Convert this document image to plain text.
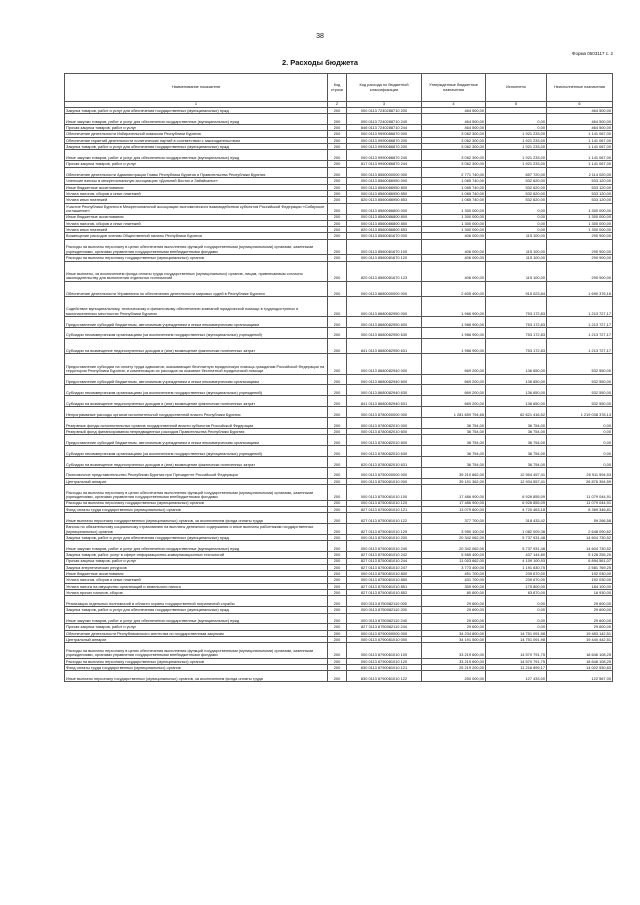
38
Форма 0503117 с. 2
2. Расходы бюджета
Наименование показателя	Код строки	Код расхода по бюджетной классификации	Утвержденные бюджетные назначения	Исполнено	Неисполненные назначения
1	2	3	4	5	6
Закупка товаров, работ и услуг для обеспечения государственных (муниципальных) нужд	200	000 0113 7240288710 200	464 500,00		464 500,00
Иные закупки товаров, работ и услуг для обеспечения государственных (муниципальных) нужд	200	000 0113 7240288710 240	464 500,00	0,00	464 500,00
Прочая закупка товаров, работ и услуг	200	846 0113 7240288710 244	464 500,00	0,00	464 500,00
Обеспечение деятельности Избирательной комиссии Республики Бурятия	200	000 0113 9990086870 000	3 062 300,00	1 921 233,00	1 141 067,00
Обеспечение гарантий деятельности политических партий в соответствии с законодательством	200	000 0113 9990086870 200	3 062 300,00	1 921 233,00	1 141 067,00
Закупка товаров, работ и услуг для обеспечения государственных (муниципальных) нужд	200	000 0113 9990086870 200	3 062 300,00	1 921 233,00	1 141 067,00
Иные закупки товаров, работ и услуг для обеспечения государственных (муниципальных) нужд	200	000 0113 9990086870 240	3 062 300,00	1 921 233,00	1 141 067,00
Прочая закупка товаров, работ и услуг	200	817 0113 9990086870 244	3 062 300,00	1 921 233,00	1 141 067,00
Обеспечение деятельности Администрации Главы Республики Бурятия и Правительства Республики Бурятия	200	000 0113 8560000000 000	2 771 740,00	657 720,00	2 114 020,00
Членские взносы в межрегиональную ассоциацию «Дальний Восток и Забайкалье»	200	000 0113 8560086950 000	1 065 740,00	532 620,00	533 120,00
Иные бюджетные ассигнования	200	000 0113 8560086950 800	1 065 740,00	532 620,00	533 120,00
Уплата налогов, сборов и иных платежей	200	000 0113 8560086950 850	1 065 740,00	532 620,00	533 120,00
Уплата иных платежей	200	820 0113 8560086950 853	1 065 740,00	532 620,00	533 120,00
Участие Республики Бурятия в Межрегиональной ассоциации экономического взаимодействия субъектов Российской Федерации «Сибирское соглашение»	200	000 0113 8560086800 000	1 300 000,00	0,00	1 300 000,00
Иные бюджетные ассигнования	200	000 0113 8560086800 800	1 300 000,00	0,00	1 300 000,00
Уплата налогов, сборов и иных платежей	200	000 0113 8560086800 850	1 300 000,00	0,00	1 300 000,00
Уплата иных платежей	200	820 0113 8560086800 853	1 300 000,00	0,00	1 300 000,00
Возмещение расходов членам Общественной палаты Республики Бурятия	200	000 0113 8560081670 000	406 000,00	115 100,00	290 900,00
Расходы на выплаты персоналу в целях обеспечения выполнения функций государственными (муниципальными) органами, казенными учреждениями, органами управления государственными внебюджетными фондами	200	000 0113 8560081670 100	406 000,00	115 100,00	290 900,00
Расходы на выплаты персоналу государственных (муниципальных) органов	200	000 0113 8560081670 120	406 000,00	115 100,00	290 900,00
Иные выплаты, за исключением фонда оплаты труда государственных (муниципальных) органов, лицам, привлекаемым согласно законодательству для выполнения отдельных полномочий	200	820 0113 8560081670 123	406 000,00	115 100,00	290 900,00
Обеспечение деятельности Управления по обеспечению деятельности мировых судей в Республике Бурятия	200	000 0113 8680000000 000	2 605 400,00	915 023,84	1 690 376,16
Содействие муниципальному, техническому и финансовому обеспечению компаний юридической помощи в труднодоступных и малонаселенных местностях Республики Бурятия	200	000 0113 8680082950 000	1 966 900,00	753 172,83	1 213 727,17
Предоставление субсидий бюджетным, автономным учреждениям и иным некоммерческим организациям	200	000 0113 8680082950 600	1 966 900,00	753 172,83	1 213 727,17
Субсидии некоммерческим организациям (за исключением государственных (муниципальных) учреждений)	200	000 0113 8680082950 630	1 966 900,00	753 172,83	1 213 727,17
Субсидии на возмещение недополученных доходов и (или) возмещение фактически понесенных затрат	200	841 0113 8680082950 631	1 966 900,00	753 172,83	1 213 727,17
Предоставление субсидии на оплату труда адвокатов, оказывающих бесплатную юридическую помощь гражданам Российской Федерации на территории Республики Бурятия, и компенсацию их расходов на оказание бесплатной юридической помощи	200	000 0113 8680082940 000	669 200,00	136 650,00	532 550,00
Предоставление субсидий бюджетным, автономным учреждениям и иным некоммерческим организациям	200	000 0113 8680082940 600	669 200,00	136 650,00	532 550,00
Субсидии некоммерческим организациям (за исключением государственных (муниципальных) учреждений)	200	000 0113 8680082940 630	669 200,00	136 650,00	532 550,00
Субсидии на возмещение недополученных доходов и (или) возмещение фактически понесенных затрат	200	841 0113 8680082940 631	669 200,00	136 650,00	532 550,00
Непрограммные расходы органов исполнительной государственной власти Республики Бурятия	200	000 0113 8780000000 000	1 281 659 794,65	62 621 416,52	1 219 038 378,13
Резервные фонды исполнительных органов государственной власти субъектов Российской Федерации	200	000 0113 8780082010 000	36 754,00	36 754,00	0,00
Резервный фонд финансирования непредвиденных расходов Правительства Республики Бурятия	200	000 0113 8780082010 600	36 754,00	36 754,00	0,00
Предоставление субсидий бюджетным, автономным учреждениям и иным некоммерческим организациям	200	000 0113 8780082010 600	36 754,00	36 754,00	0,00
Субсидии некоммерческим организациям (за исключением государственных (муниципальных) учреждений)	200	000 0113 8780082010 630	36 754,00	36 754,00	0,00
Субсидии на возмещение недополученных доходов и (или) возмещение фактически понесенных затрат	200	820 0113 8780082010 631	36 754,00	36 754,00	0,00
Полномочное представительство Республики Бурятия при Президенте Российской Федерации	200	000 0113 8750000000 000	39 210 862,00	12 954 457,41	26 911 594,53
Центральный аппарат	200	000 0113 8750081010 000	39 191 362,00	12 934 557,41	26 876 394,59
Расходы на выплаты персоналу в целях обеспечения выполнения функций государственными (муниципальными) органами, казенными учреждениями, органами управления государственными внебюджетными фондами	200	000 0113 8750081010 100	17 486 900,00	6 926 855,09	11 079 044,91
Расходы на выплаты персоналу государственных (муниципальных) органов	200	000 0113 8750081010 120	17 486 900,00	6 926 855,09	11 079 044,91
Фонд оплаты труда государственных (муниципальных) органов	200	827 0113 8750081010 121	13 079 800,00	4 720 463,18	8 369 346,81
Иные выплаты персоналу государственных (муниципальных) органов, за исключением фонда оплаты труда	200	827 0113 8750081010 122	377 700,00	318 433,42	59 266,58
Взносы по обязательному социальному страхованию на выплаты денежного содержания и иные выплаты работникам государственных (муниципальных) органов	200	827 0113 8750081010 129	3 950 100,00	1 082 009,38	2 648 090,62
Закупка товаров, работ и услуг для обеспечения государственных (муниципальных) нужд	200	000 0113 8750081010 200	20 342 062,00	5 737 931,48	14 604 730,52
Иные закупки товаров, работ и услуг для обеспечения государственных (муниципальных) нужд	200	000 0113 8750081010 240	20 342 062,00	5 737 931,48	14 604 730,52
Закупка товаров, работ, услуг в сфере информационно-коммуникационных технологий	200	827 0113 8750081010 242	5 565 400,00	437 144,80	5 128 255,20
Прочая закупка товаров, работ и услуг	200	827 0113 8750081010 244	11 003 662,00	4 109 100,93	6 894 561,07
Закупка энергетических ресурсов	200	827 0113 8750081010 247	3 773 400,00	1 191 630,75	2 581 769,25
Иные бюджетные ассигнования	200	000 0113 8750081010 800	451 700,00	239 670,00	192 030,00
Уплата налогов, сборов и иных платежей	200	000 0113 8750081010 850	431 700,00	239 670,00	192 030,00
Уплата налога на имущество организаций и земельного налога	200	827 0113 8750081010 851	359 900,00	175 800,00	184 100,00
Уплата прочих налогов, сборов	200	827 0113 8750081010 852	80 800,00	63 870,00	16 930,00
Реализация отдельных полномочий в области охраны государственной пограничной службы	200	000 0113 8750082110 000	29 600,00	0,00	29 600,00
Закупка товаров, работ и услуг для обеспечения государственных (муниципальных) нужд	200	000 0113 8750082110 200	29 600,00	0,00	29 600,00
Иные закупки товаров, работ и услуг для обеспечения государственных (муниципальных) нужд	200	000 0113 8750082110 240	29 600,00	0,00	29 600,00
Прочая закупка товаров, работ и услуг	200	827 0113 8750082110 244	29 600,00	0,00	29 600,00
Обеспечение деятельности Республиканского агентства по государственным закупкам	200	000 0113 8790000000 000	34 234 800,00	14 751 091,98	19 483 142,51
Центральный аппарат	200	000 0113 8790081010 000	34 191 500,00	14 751 091,98	19 440 442,51
Расходы на выплаты персоналу в целях обеспечения выполнения функций государственными (муниципальными) органами, казенными учреждениями, органами управления государственными внебюджетными фондами	200	000 0113 8790081010 100	33 219 600,00	14 570 791,75	18 646 108,25
Расходы на выплаты персоналу государственных (муниципальных) органов	200	000 0113 8790081010 120	33 219 600,00	14 570 791,75	18 646 108,25
Фонд оплаты труда государственных (муниципальных) органов	200	830 0113 8790081010 121	25 219 200,00	11 216 899,17	14 002 530,83
Иные выплаты персоналу государственных (муниципальных) органов, за исключением фонда оплаты труда	200	830 0113 8790081010 122	250 000,00	127 433,00	122 567,00
